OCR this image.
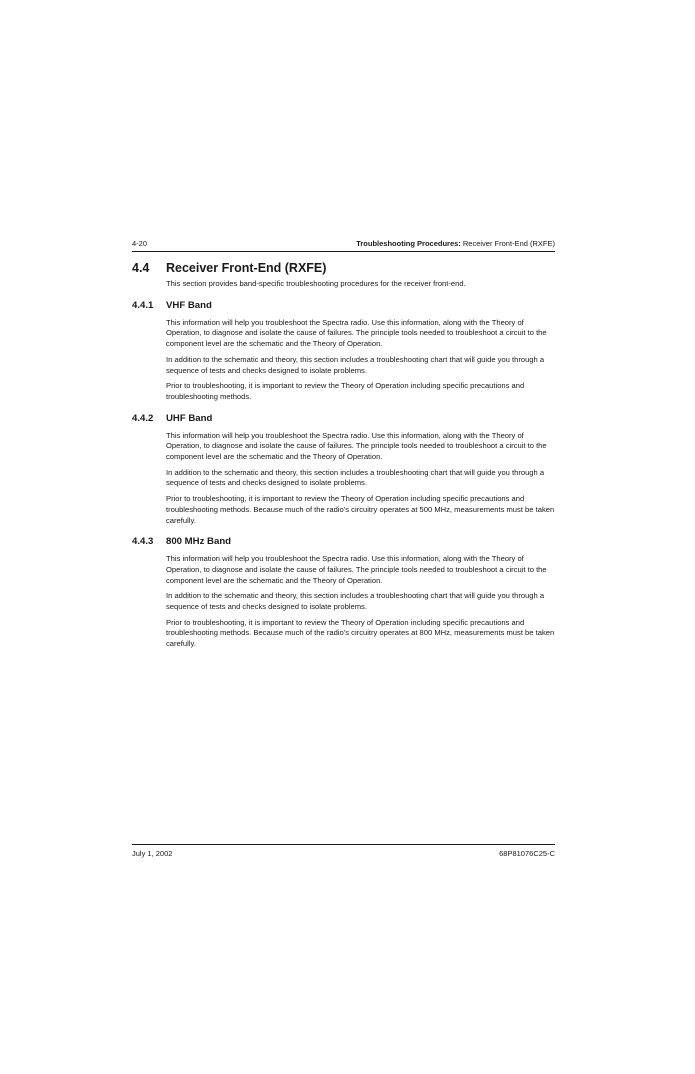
4-20	Troubleshooting Procedures: Receiver Front-End (RXFE)
4.4 Receiver Front-End (RXFE)
This section provides band-specific troubleshooting procedures for the receiver front-end.
4.4.1 VHF Band
This information will help you troubleshoot the Spectra radio. Use this information, along with the Theory of Operation, to diagnose and isolate the cause of failures. The principle tools needed to troubleshoot a circuit to the component level are the schematic and the Theory of Operation.
In addition to the schematic and theory, this section includes a troubleshooting chart that will guide you through a sequence of tests and checks designed to isolate problems.
Prior to troubleshooting, it is important to review the Theory of Operation including specific precautions and troubleshooting methods.
4.4.2 UHF Band
This information will help you troubleshoot the Spectra radio. Use this information, along with the Theory of Operation, to diagnose and isolate the cause of failures. The principle tools needed to troubleshoot a circuit to the component level are the schematic and the Theory of Operation.
In addition to the schematic and theory, this section includes a troubleshooting chart that will guide you through a sequence of tests and checks designed to isolate problems.
Prior to troubleshooting, it is important to review the Theory of Operation including specific precautions and troubleshooting methods. Because much of the radio’s circuitry operates at 500 MHz, measurements must be taken carefully.
4.4.3 800 MHz Band
This information will help you troubleshoot the Spectra radio. Use this information, along with the Theory of Operation, to diagnose and isolate the cause of failures. The principle tools needed to troubleshoot a circuit to the component level are the schematic and the Theory of Operation.
In addition to the schematic and theory, this section includes a troubleshooting chart that will guide you through a sequence of tests and checks designed to isolate problems.
Prior to troubleshooting, it is important to review the Theory of Operation including specific precautions and troubleshooting methods. Because much of the radio’s circuitry operates at 800 MHz, measurements must be taken carefully.
July 1, 2002	68P81076C25-C
